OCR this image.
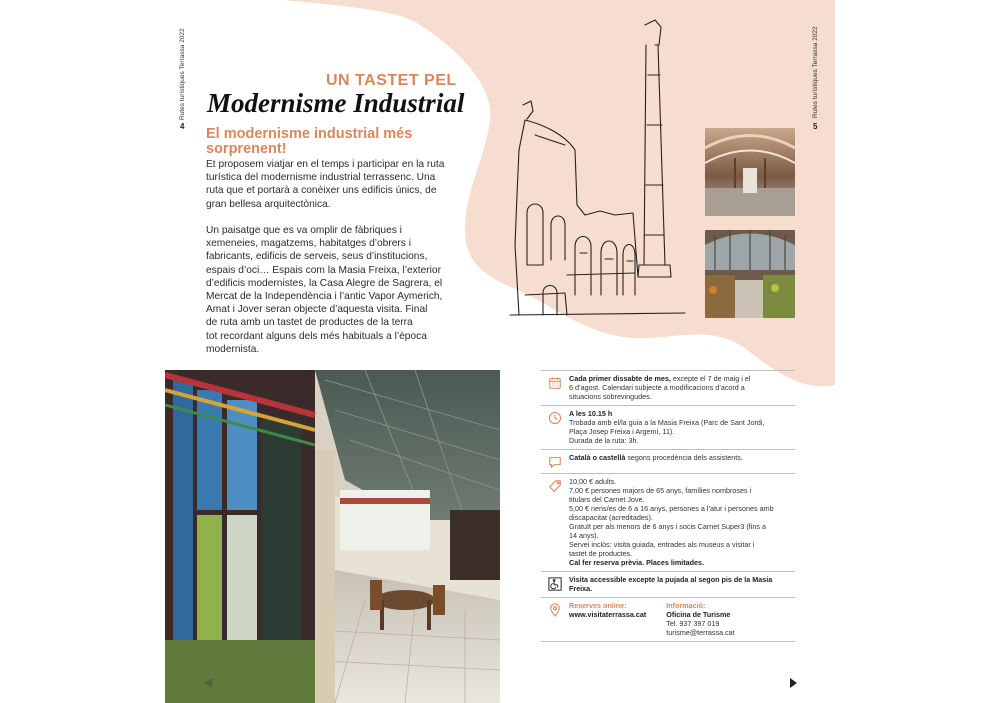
Rutes turístiques Terrassa 2022
4
Rutes turístiques Terrassa 2022
5
UN TASTET PEL
Modernisme Industrial
El modernisme industrial més
sorprenent!
Et proposem viatjar en el temps i participar en la ruta
turística del modernisme industrial terrassenc. Una
ruta que et portarà a conèixer uns edificis únics, de
gran bellesa arquitectònica.
Un paisatge que es va omplir de fàbriques i
xemeneies, magatzems, habitatges d’obrers i
fabricants, edificis de serveis, seus d’institucions,
espais d’oci… Espais com la Masia Freixa, l’exterior
d’edificis modernistes, la Casa Alegre de Sagrera, el
Mercat de la Independència i l’antic Vapor Aymerich,
Amat i Jover seran objecte d’aquesta visita. Final
de ruta amb un tastet de productes de la terra
tot recordant alguns dels més habituals a l’època
modernista.
Cada primer dissabte de mes, excepte el 7 de maig i el
6 d’agost. Calendari subjecte a modificacions d’acord a
situacions sobrevingudes.
A les 10.15 h
Trobada amb el/la guia a la Masia Freixa (Parc de Sant Jordi,
Plaça Josep Freixa i Argemí, 11).
Durada de la ruta: 3h.
Català o castellà segons procedència dels assistents.
10,00 € adults.
7,00 € persones majors de 65 anys, famílies nombroses i
titulars del Carnet Jove.
5,00 € nens/es de 6 a 16 anys, persones a l’atur i persones amb
discapacitat (acreditades).
Gratuït per als menors de 6 anys i socis Carnet Super3 (fins a
14 anys).
Servei inclòs: visita guiada, entrades als museus a visitar i
tastet de productes.
Cal fer reserva prèvia. Places limitades.
Visita accessible excepte la pujada al segon pis de la Masia
Freixa.
Reserves online:
www.visitaterrassa.cat
Informació:
Oficina de Turisme
Tel. 937 397 019
turisme@terrassa.cat
